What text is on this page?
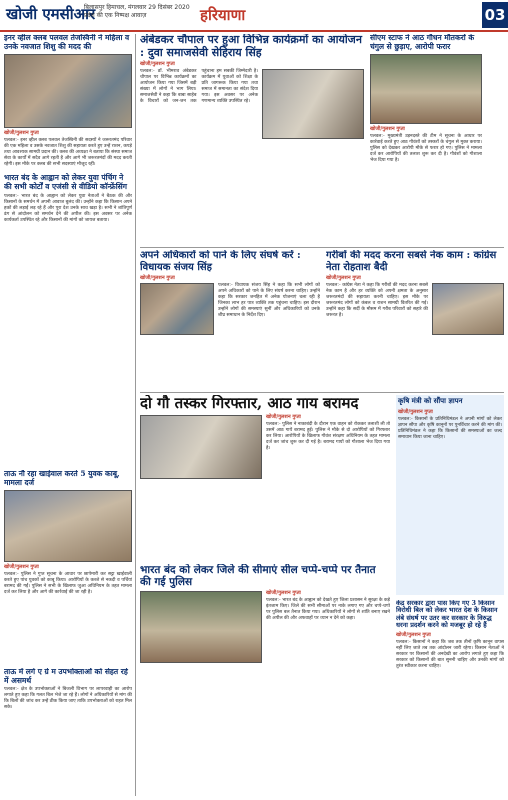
खोजी एमसीआर
बिलासपुर हिमाचल, मंगलवार 29 दिसंबर 2020
प्रदेश की एक निष्पक्ष आवाज़	हरियाणा	03
इनर व्हील क्लब पलवल तेजस्विनी ने महिला व उनके नवजात शिशु की मदद की
खोजी/गुलशन गुप्ता
पलवल:- इनर व्हील क्लब पलवल तेजस्विनी की सदस्यों ने जरूरतमंद परिवार की एक महिला व उसके नवजात शिशु की सहायता करते हुए उन्हें राशन, कपड़े तथा आवश्यक सामग्री प्रदान की। क्लब की अध्यक्षा ने बताया कि संस्था समाज सेवा के कार्यों में सदैव आगे रहती है और आगे भी जरूरतमंदों की मदद करती रहेगी। इस मौके पर क्लब की सभी सदस्याएं मौजूद रहीं।
भारत बंद के आह्वान को लेकर युवा पंचिंग ने की सभी कोर्टों व एजंसी से वीडियो कॉन्फ्रेंसिंग
पलवल:- भारत बंद के आह्वान को लेकर युवा नेताओं ने बैठक की और किसानों के समर्थन में अपनी आवाज बुलंद की। उन्होंने कहा कि किसान अपने हकों की लड़ाई लड़ रहे हैं और पूरा देश उनके साथ खड़ा है। सभी ने शांतिपूर्ण ढंग से आंदोलन को समर्थन देने की अपील की। इस अवसर पर अनेक कार्यकर्ता उपस्थित रहे और किसानों की मांगों को जायज बताया।
ताऊ नौ रहा खाईवाल करते 5 युवक काबू, मामला दर्ज
खोजी/गुलशन गुप्ता
पलवल:- पुलिस ने गुप्त सूचना के आधार पर छापेमारी कर सट्टा खाईवाली करते हुए पांच युवकों को काबू किया। आरोपियों के कब्जे से नकदी व पर्चियां बरामद की गईं। पुलिस ने सभी के खिलाफ जुआ अधिनियम के तहत मामला दर्ज कर लिया है और आगे की कार्रवाई की जा रही है।
ताऊ में लगे ए ग्रे म उपभोक्ताओं को सेहत रहे में असमर्थ
पलवल:- क्षेत्र के उपभोक्ताओं ने बिजली विभाग पर लापरवाही का आरोप लगाते हुए कहा कि गलत बिल भेजे जा रहे हैं। लोगों ने अधिकारियों से मांग की कि बिलों की जांच कर उन्हें ठीक किया जाए ताकि उपभोक्ताओं को राहत मिल सके।
अंबेडकर चौपाल पर हुआ विभिन्न कार्यक्रमों का आयोजन : दुवा समाजसेवी सेहिराय सिंह
खोजी/गुलशन गुप्ता
पलवल:- डॉ. भीमराव अंबेडकर चौपाल पर विभिन्न कार्यक्रमों का आयोजन किया गया जिसमें बड़ी संख्या में लोगों ने भाग लिया। समाजसेवी ने कहा कि बाबा साहेब के विचारों को जन-जन तक पहुंचाना हम सबकी जिम्मेदारी है। कार्यक्रम में युवाओं को शिक्षा के प्रति जागरूक किया गया तथा समाज में समानता का संदेश दिया गया। इस अवसर पर अनेक गणमान्य व्यक्ति उपस्थित रहे।
सीएम स्टाफ ने आठ गौधन मौतकरों के चंगुल से छुड़ाए, आरोपी फरार
खोजी/गुलशन गुप्ता
पलवल:- मुख्यमंत्री उड़नदस्ते की टीम ने सूचना के आधार पर कार्रवाई करते हुए आठ गौवंशों को तस्करों के चंगुल से मुक्त कराया। पुलिस को देखकर आरोपी मौके से फरार हो गए। पुलिस ने मामला दर्ज कर आरोपियों की तलाश शुरू कर दी है। गौवंशों को गौशाला भेज दिया गया है।
अपने अधिकारों को पाने के लिए संघर्ष करें : विधायक संजय सिंह
खोजी/गुलशन गुप्ता
पलवल:- विधायक संजय सिंह ने कहा कि सभी लोगों को अपने अधिकारों को पाने के लिए संघर्ष करना चाहिए। उन्होंने कहा कि सरकार जनहित में अनेक योजनाएं चला रही है जिनका लाभ हर पात्र व्यक्ति तक पहुंचना चाहिए। इस दौरान उन्होंने लोगों की समस्याएं सुनीं और अधिकारियों को उनके शीघ्र समाधान के निर्देश दिए।
गरीबों की मदद करना सबसे नेक काम : कांग्रेस नेता रोहताश बैदी
खोजी/गुलशन गुप्ता
पलवल:- कांग्रेस नेता ने कहा कि गरीबों की मदद करना सबसे नेक काम है और हर व्यक्ति को अपनी क्षमता के अनुसार जरूरतमंदों की सहायता करनी चाहिए। इस मौके पर जरूरतमंद लोगों को कंबल व राशन सामग्री वितरित की गई। उन्होंने कहा कि सर्दी के मौसम में गरीब परिवारों को सहारे की जरूरत है।
दो गौ तस्कर गिरफ्तार, आठ गाय बरामद
खोजी/गुलशन गुप्ता
पलवल:- पुलिस ने नाकाबंदी के दौरान एक वाहन को रोककर तलाशी ली तो उसमें आठ गायें बरामद हुईं। पुलिस ने मौके से दो आरोपियों को गिरफ्तार कर लिया। आरोपियों के खिलाफ गौवंश संरक्षण अधिनियम के तहत मामला दर्ज कर जांच शुरू कर दी गई है। बरामद गायों को गौशाला भेज दिया गया है।
कृषि मंत्री को सौंपा ज्ञापन
खोजी/गुलशन गुप्ता
पलवल:- किसानों के प्रतिनिधिमंडल ने अपनी मांगों को लेकर ज्ञापन सौंपा और कृषि कानूनों पर पुनर्विचार करने की मांग की। प्रतिनिधिमंडल ने कहा कि किसानों की समस्याओं का जल्द समाधान किया जाना चाहिए।
भारत बंद को लेकर जिले की सीमाएं सील चप्पे-चप्पे पर तैनात की गई पुलिस
खोजी/गुलशन गुप्ता
पलवल:- भारत बंद के आह्वान को देखते हुए जिला प्रशासन ने सुरक्षा के कड़े इंतजाम किए। जिले की सभी सीमाओं पर नाके लगाए गए और चप्पे-चप्पे पर पुलिस बल तैनात किया गया। अधिकारियों ने लोगों से शांति बनाए रखने की अपील की और अफवाहों पर ध्यान न देने को कहा।
केंद्र सरकार द्वारा पास किए गए 3 किसान विरोधी बिल को लेकर भारत देश के किसान लंबे संघर्ष पर उतर कर सरकार के विरुद्ध धरना प्रदर्शन करने को मजबूर हो रहे हैं
खोजी/गुलशन गुप्ता
पलवल:- किसानों ने कहा कि जब तक तीनों कृषि कानून वापस नहीं लिए जाते तब तक आंदोलन जारी रहेगा। किसान नेताओं ने सरकार पर किसानों की अनदेखी का आरोप लगाते हुए कहा कि सरकार को किसानों की बात सुननी चाहिए और उनकी मांगों को तुरंत स्वीकार करना चाहिए।
